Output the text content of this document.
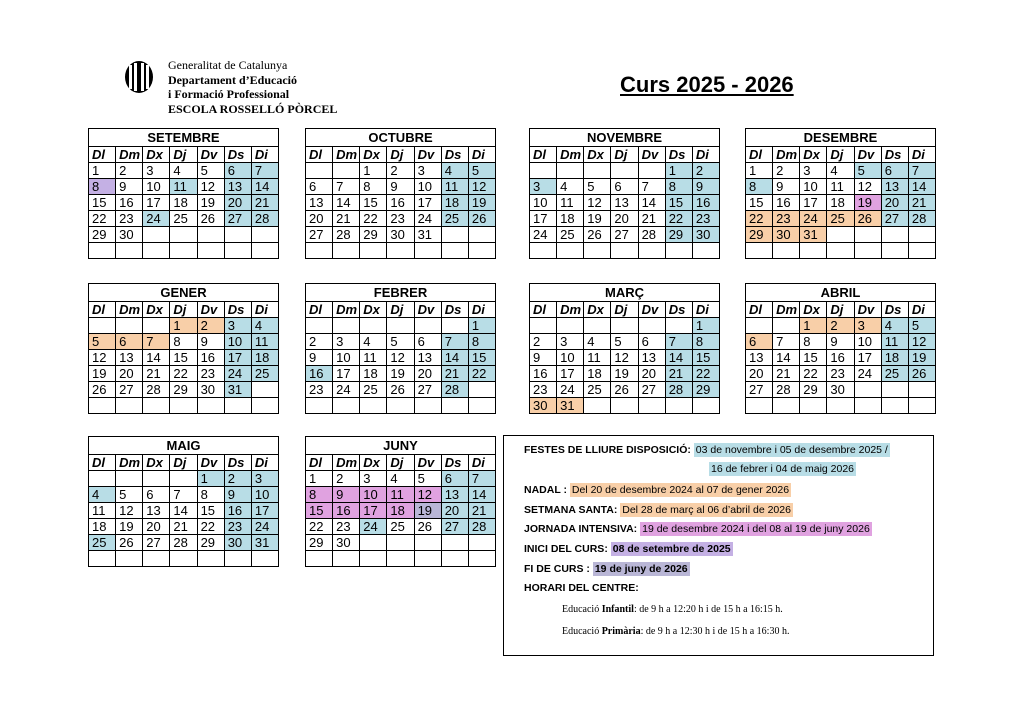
Generalitat de Catalunya
Departament d’Educació
i Formació Professional
ESCOLA ROSSELLÓ PÒRCEL
Curs 2025 - 2026
SETEMBRE						
Dl	Dm	Dx	Dj	Dv	Ds	Di
1	2	3	4	5	6	7
8	9	10	11	12	13	14
15	16	17	18	19	20	21
22	23	24	25	26	27	28
29	30					

OCTUBRE						
Dl	Dm	Dx	Dj	Dv	Ds	Di
		1	2	3	4	5
6	7	8	9	10	11	12
13	14	15	16	17	18	19
20	21	22	23	24	25	26
27	28	29	30	31		

NOVEMBRE						
Dl	Dm	Dx	Dj	Dv	Ds	Di
					1	2
3	4	5	6	7	8	9
10	11	12	13	14	15	16
17	18	19	20	21	22	23
24	25	26	27	28	29	30

DESEMBRE						
Dl	Dm	Dx	Dj	Dv	Ds	Di
1	2	3	4	5	6	7
8	9	10	11	12	13	14
15	16	17	18	19	20	21
22	23	24	25	26	27	28
29	30	31				

GENER						
Dl	Dm	Dx	Dj	Dv	Ds	Di
			1	2	3	4
5	6	7	8	9	10	11
12	13	14	15	16	17	18
19	20	21	22	23	24	25
26	27	28	29	30	31	

FEBRER						
Dl	Dm	Dx	Dj	Dv	Ds	Di
						1
2	3	4	5	6	7	8
9	10	11	12	13	14	15
16	17	18	19	20	21	22
23	24	25	26	27	28	

MARÇ						
Dl	Dm	Dx	Dj	Dv	Ds	Di
						1
2	3	4	5	6	7	8
9	10	11	12	13	14	15
16	17	18	19	20	21	22
23	24	25	26	27	28	29
30	31					
ABRIL						
Dl	Dm	Dx	Dj	Dv	Ds	Di
		1	2	3	4	5
6	7	8	9	10	11	12
13	14	15	16	17	18	19
20	21	22	23	24	25	26
27	28	29	30			

MAIG						
Dl	Dm	Dx	Dj	Dv	Ds	Di
				1	2	3
4	5	6	7	8	9	10
11	12	13	14	15	16	17
18	19	20	21	22	23	24
25	26	27	28	29	30	31

JUNY						
Dl	Dm	Dx	Dj	Dv	Ds	Di
1	2	3	4	5	6	7
8	9	10	11	12	13	14
15	16	17	18	19	20	21
22	23	24	25	26	27	28
29	30					

FESTES DE LLIURE DISPOSICIÓ: 03 de novembre i 05 de desembre 2025 /
16 de febrer i 04 de maig 2026
NADAL : Del 20 de desembre 2024 al 07 de gener 2026
SETMANA SANTA: Del 28 de març al 06 d’abril de 2026
JORNADA INTENSIVA: 19 de desembre 2024 i del 08 al 19 de juny 2026
INICI DEL CURS: 08 de setembre de 2025
FI DE CURS : 19 de juny de 2026
HORARI DEL CENTRE:
Educació Infantil: de 9 h a 12:20 h i de 15 h a 16:15 h.
Educació Primària: de 9 h a 12:30 h i de 15 h a 16:30 h.
